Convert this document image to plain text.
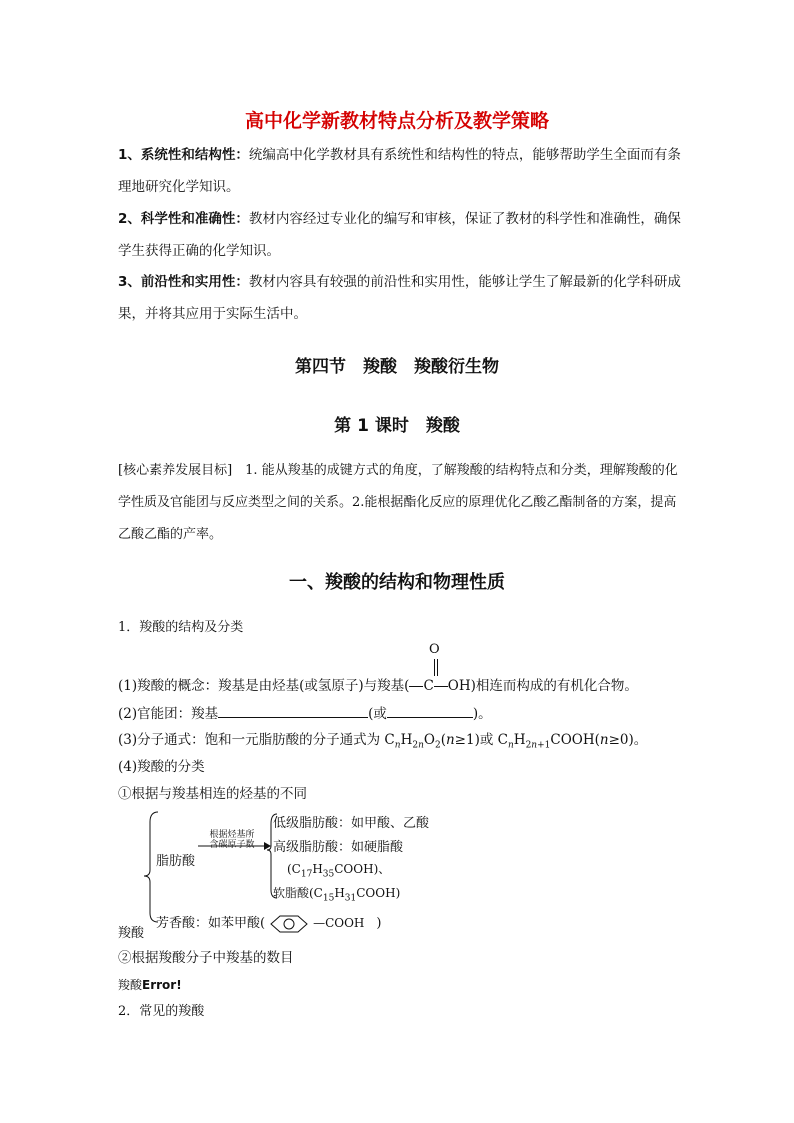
高中化学新教材特点分析及教学策略
1、系统性和结构性：统编高中化学教材具有系统性和结构性的特点，能够帮助学生全面而有条理地研究化学知识。
2、科学性和准确性：教材内容经过专业化的编写和审核，保证了教材的科学性和准确性，确保学生获得正确的化学知识。
3、前沿性和实用性：教材内容具有较强的前沿性和实用性，能够让学生了解最新的化学科研成果，并将其应用于实际生活中。
第四节　羧酸　羧酸衍生物
第 1 课时　羧酸
[核心素养发展目标]　1. 能从羧基的成键方式的角度，了解羧酸的结构特点和分类，理解羧酸的化学性质及官能团与反应类型之间的关系。2.能根据酯化反应的原理优化乙酸乙酯制备的方案，提高乙酸乙酯的产率。
一、羧酸的结构和物理性质
1．羧酸的结构及分类
O
(1)羧酸的概念：羧基是由烃基(或氢原子)与羧基( C OH)相连而构成的有机化合物。
(2)官能团：羧基	(或	)。
(3)分子通式：饱和一元脂肪酸的分子通式为 $C_nH_{2n}O_2(n\ge 1)$或 $C_nH_{2n+1}COOH(n\ge 0)$。
(4)羧酸的分类
①根据与羧基相连的烃基的不同
脂肪酸
根据烃基所
含碳原子数
低级脂肪酸：如甲酸、乙酸
高级脂肪酸：如硬脂酸
$(C_{17}H_{35}COOH)$、
软脂酸$(C_{15}H_{31}COOH)$
芳香酸：如苯甲酸(	—COOH )
羧酸
②根据羧酸分子中羧基的数目
羧酸Error!
2．常见的羧酸
